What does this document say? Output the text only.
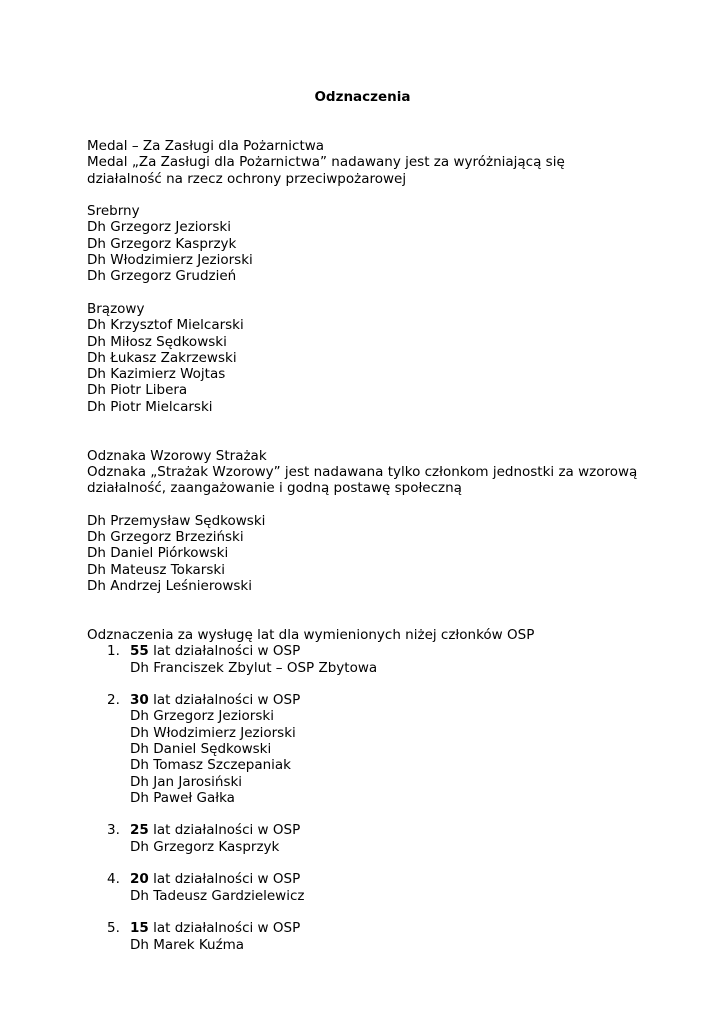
Odznaczenia
Medal – Za Zasługi dla Pożarnictwa
Medal „Za Zasługi dla Pożarnictwa” nadawany jest za wyróżniającą się
działalność na rzecz ochrony przeciwpożarowej
Srebrny
Dh Grzegorz Jeziorski
Dh Grzegorz Kasprzyk
Dh Włodzimierz Jeziorski
Dh Grzegorz Grudzień
Brązowy
Dh Krzysztof Mielcarski
Dh Miłosz Sędkowski
Dh Łukasz Zakrzewski
Dh Kazimierz Wojtas
Dh Piotr Libera
Dh Piotr Mielcarski
Odznaka Wzorowy Strażak
Odznaka „Strażak Wzorowy” jest nadawana tylko członkom jednostki za wzorową
działalność, zaangażowanie i godną postawę społeczną
Dh Przemysław Sędkowski
Dh Grzegorz Brzeziński
Dh Daniel Piórkowski
Dh Mateusz Tokarski
Dh Andrzej Leśnierowski
Odznaczenia za wysługę lat dla wymienionych niżej członków OSP
1. 55 lat działalności w OSP
Dh Franciszek Zbylut – OSP Zbytowa
2. 30 lat działalności w OSP
Dh Grzegorz Jeziorski
Dh Włodzimierz Jeziorski
Dh Daniel Sędkowski
Dh Tomasz Szczepaniak
Dh Jan Jarosiński
Dh Paweł Gałka
3. 25 lat działalności w OSP
Dh Grzegorz Kasprzyk
4. 20 lat działalności w OSP
Dh Tadeusz Gardzielewicz
5. 15 lat działalności w OSP
Dh Marek Kuźma
